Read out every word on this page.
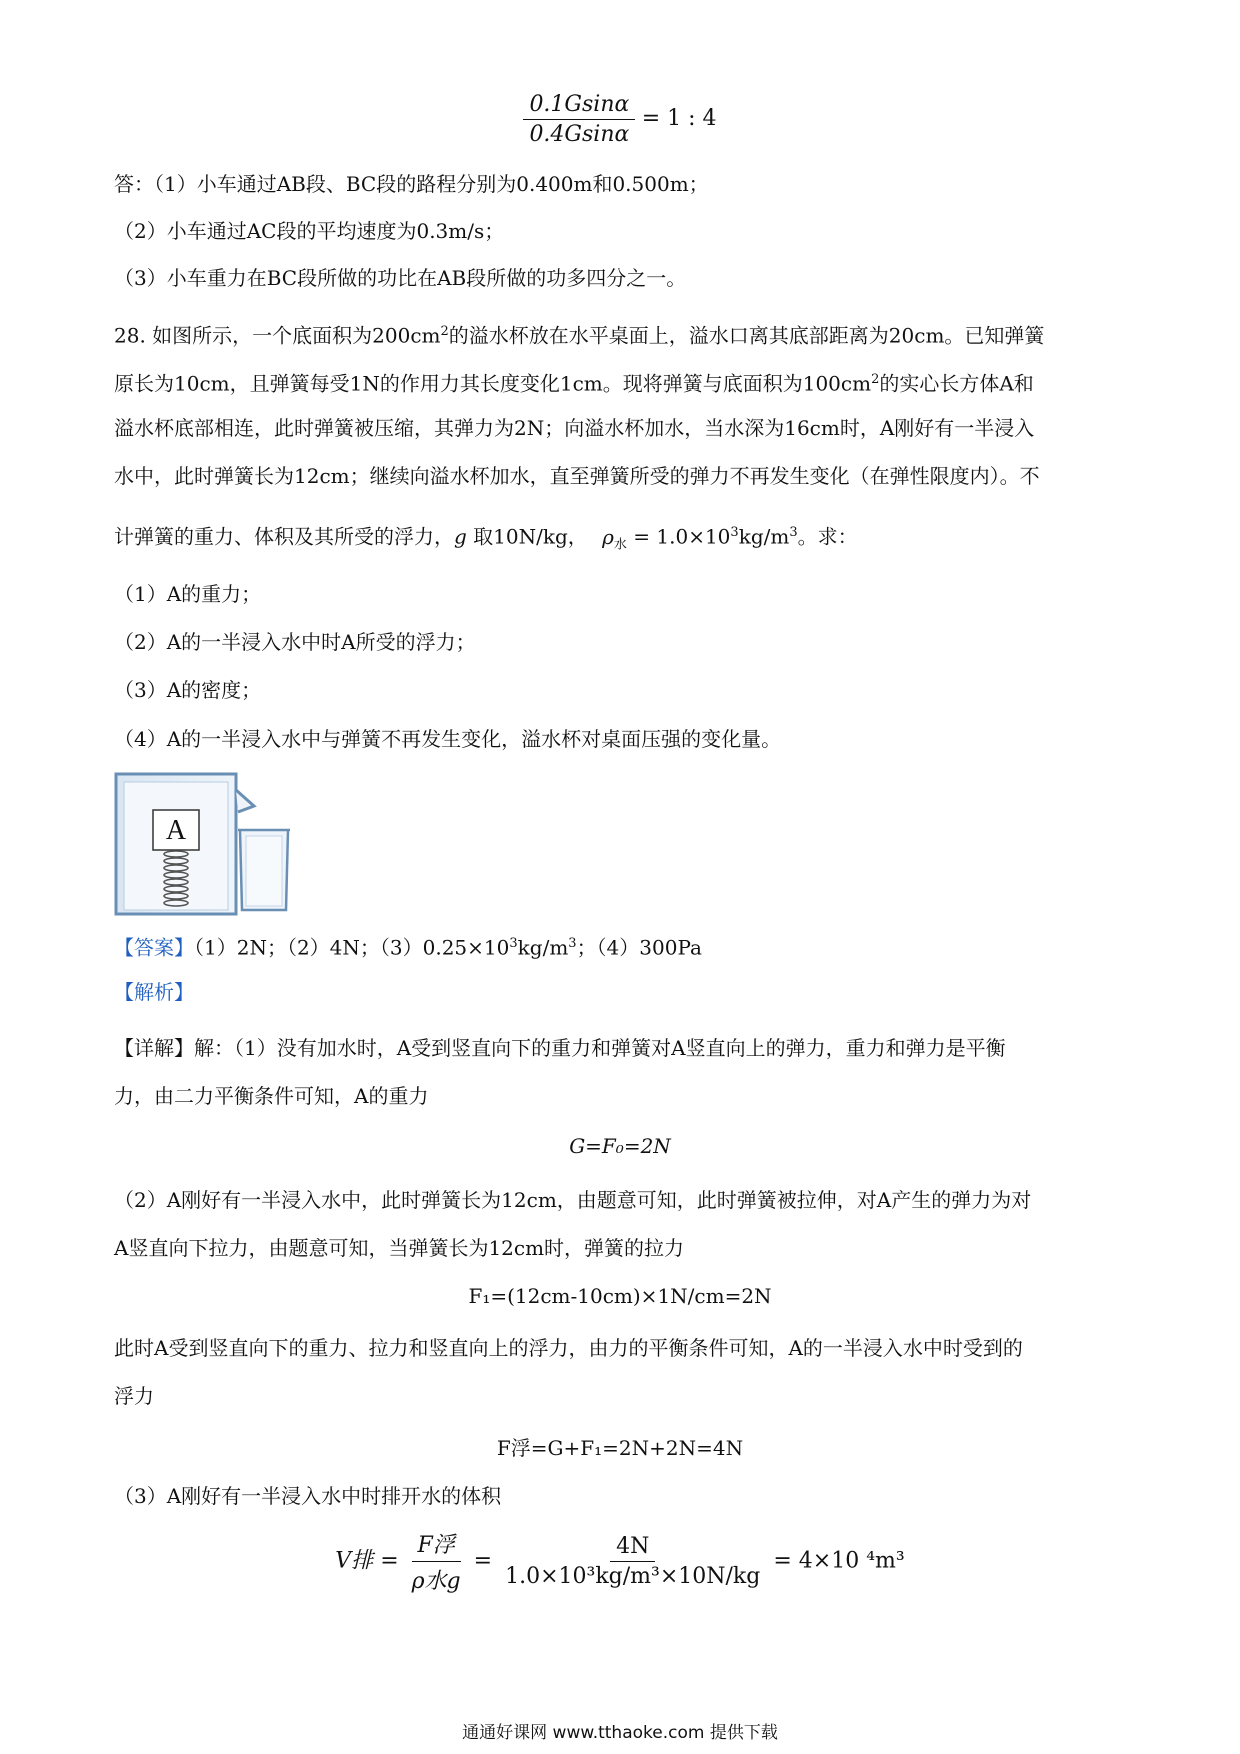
$\frac{0.1Gsin\alpha}{0.4Gsin\alpha} = 1$ : 4
答：（1）小车通过AB段、BC段的路程分别为0.400m和0.500m；
（2）小车通过AC段的平均速度为0.3m/s；
（3）小车重力在BC段所做的功比在AB段所做的功多四分之一。
28. 如图所示，一个底面积为$200cm^2$的溢水杯放在水平桌面上，溢水口离其底部距离为20cm。已知弹簧
原长为10cm，且弹簧每受1N的作用力其长度变化1cm。现将弹簧与底面积为$100cm^2$的实心长方体A和
溢水杯底部相连，此时弹簧被压缩，其弹力为2N；向溢水杯加水，当水深为16cm时，A刚好有一半浸入
水中，此时弹簧长为12cm；继续向溢水杯加水，直至弹簧所受的弹力不再发生变化（在弹性限度内）。不
计弹簧的重力、体积及其所受的浮力，g 取10N/kg， $\rho_水 = 1.0\times 10^3kg/m^3$。求：
（1）A的重力；
（2）A的一半浸入水中时A所受的浮力；
（3）A的密度；
（4）A的一半浸入水中与弹簧不再发生变化，溢水杯对桌面压强的变化量。
A
【答案】（1）2N；（2）4N；$(3)0.25\times 10^3kg/m^3$；（4）300Pa
【解析】
【详解】解：（1）没有加水时，A受到竖直向下的重力和弹簧对A竖直向上的弹力，重力和弹力是平衡
力，由二力平衡条件可知，A的重力
G=F₀=2N
（2）A刚好有一半浸入水中，此时弹簧长为12cm，由题意可知，此时弹簧被拉伸，对A产生的弹力为对
A竖直向下拉力，由题意可知，当弹簧长为12cm时，弹簧的拉力
F₁=(12cm-10cm)×1N/cm=2N
此时A受到竖直向下的重力、拉力和竖直向上的浮力，由力的平衡条件可知，A的一半浸入水中时受到的
浮力
F浮=G+F₁=2N+2N=4N
（3）A刚好有一半浸入水中时排开水的体积
V排 = $\frac{\text{F浮}}{\text{ρ水g}} = \frac{4N}{\text{1.0×10³kg/m³×10N/kg}} = 4\times 10$ ⁴m³
通通好课网 www.tthaoke.com 提供下载
